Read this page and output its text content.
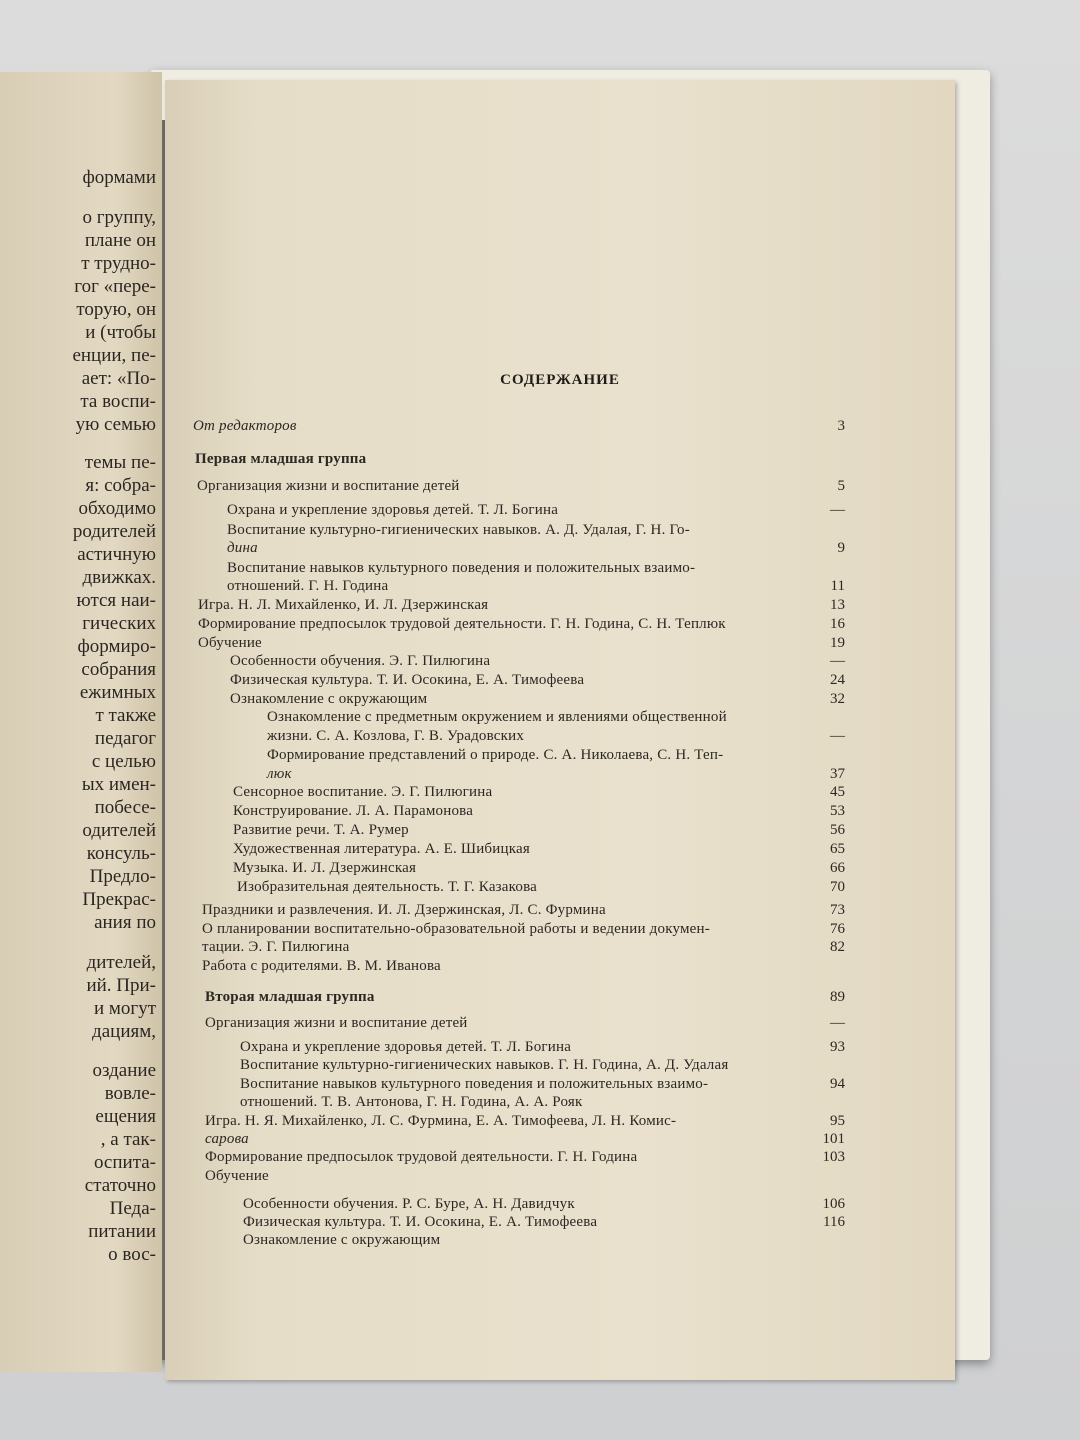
формами
о группу,
плане он
т трудно-
гог «пере-
торую, он
и (чтобы
енции, пе-
ает: «По-
та воспи-
ую семью
темы пе-
я: собра-
обходимо
родителей
астичную
движках.
ются наи-
гических
формиро-
собрания
ежимных
т также
педагог
с целью
ых имен-
побесе-
одителей
консуль-
Предло-
Прекрас-
ания по
дителей,
ий. При-
и могут
дациям,
оздание
вовле-
ещения
, а так-
оспита-
статочно
Педа-
питании
о вос-
СОДЕРЖАНИЕ
От редакторов	3
Первая младшая группа
Организация жизни и воспитание детей	5
Охрана и укрепление здоровья детей. Т. Л. Богина	—
Воспитание культурно-гигиенических навыков. А. Д. Удалая, Г. Н. Го-
дина	9
Воспитание навыков культурного поведения и положительных взаимо-
отношений. Г. Н. Година	11
Игра. Н. Л. Михайленко, И. Л. Дзержинская	13
Формирование предпосылок трудовой деятельности. Г. Н. Година, С. Н. Теплюк	16
Обучение	19
Особенности обучения. Э. Г. Пилюгина	—
Физическая культура. Т. И. Осокина, Е. А. Тимофеева	24
Ознакомление с окружающим	32
Ознакомление с предметным окружением и явлениями общественной
жизни. С. А. Козлова, Г. В. Урадовских	—
Формирование представлений о природе. С. А. Николаева, С. Н. Теп-
люк	37
Сенсорное воспитание. Э. Г. Пилюгина	45
Конструирование. Л. А. Парамонова	53
Развитие речи. Т. А. Румер	56
Художественная литература. А. Е. Шибицкая	65
Музыка. И. Л. Дзержинская	66
Изобразительная деятельность. Т. Г. Казакова	70
Праздники и развлечения. И. Л. Дзержинская, Л. С. Фурмина	73
О планировании воспитательно-образовательной работы и ведении докумен-	76
тации. Э. Г. Пилюгина	82
Работа с родителями. В. М. Иванова
Вторая младшая группа	89
Организация жизни и воспитание детей	—
Охрана и укрепление здоровья детей. Т. Л. Богина	93
Воспитание культурно-гигиенических навыков. Г. Н. Година, А. Д. Удалая
Воспитание навыков культурного поведения и положительных взаимо-	94
отношений. Т. В. Антонова, Г. Н. Година, А. А. Рояк
Игра. Н. Я. Михайленко, Л. С. Фурмина, Е. А. Тимофеева, Л. Н. Комис-	95
сарова	101
Формирование предпосылок трудовой деятельности. Г. Н. Година	103
Обучение
Особенности обучения. Р. С. Буре, А. Н. Давидчук	106
Физическая культура. Т. И. Осокина, Е. А. Тимофеева	116
Ознакомление с окружающим
